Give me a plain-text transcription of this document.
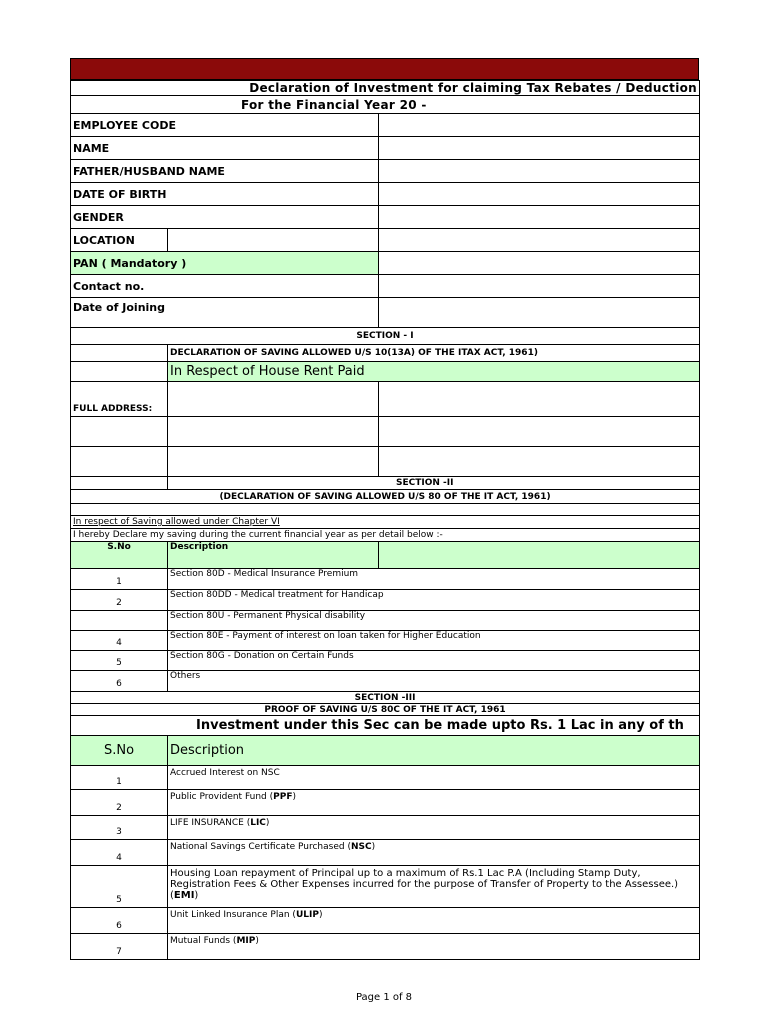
Declaration of Investment for claiming Tax Rebates / Deduction		
For the Financial Year 20 -		
EMPLOYEE CODE		
NAME		
FATHER/HUSBAND NAME		
DATE OF BIRTH		
GENDER		
LOCATION		
PAN ( Mandatory )		
Contact no.		
Date of Joining		
SECTION - I		
	DECLARATION OF SAVING ALLOWED U/S 10(13A) OF THE ITAX ACT, 1961)	
	In Respect of House Rent Paid	
FULL ADDRESS:		

	SECTION -II	
(DECLARATION OF SAVING ALLOWED U/S 80 OF THE IT ACT, 1961)		

In respect of Saving allowed under Chapter VI		
I hereby Declare my saving during the current financial year as per detail below :-		
S.No	Description	
1	Section 80D - Medical Insurance Premium	
2	Section 80DD - Medical treatment for Handicap	
	Section 80U - Permanent Physical disability	
4	Section 80E - Payment of interest on loan taken for Higher Education	
5	Section 80G - Donation on Certain Funds	
6	Others	
SECTION -III		
PROOF OF SAVING U/S 80C OF THE IT ACT, 1961		
Investment under this Sec can be made upto Rs. 1 Lac in any of th		
S.No	Description	
1	Accrued Interest on NSC	
2	Public Provident Fund (PPF)	
3	LIFE INSURANCE (LIC)	
4	National Savings Certificate Purchased (NSC)	
5	Housing Loan repayment of Principal up to a maximum of Rs.1 Lac P.A (Including Stamp Duty, Registration Fees & Other Expenses incurred for the purpose of Transfer of Property to the Assessee.) (EMI)	
6	Unit Linked Insurance Plan (ULIP)	
7	Mutual Funds (MIP)	
Page 1 of 8
